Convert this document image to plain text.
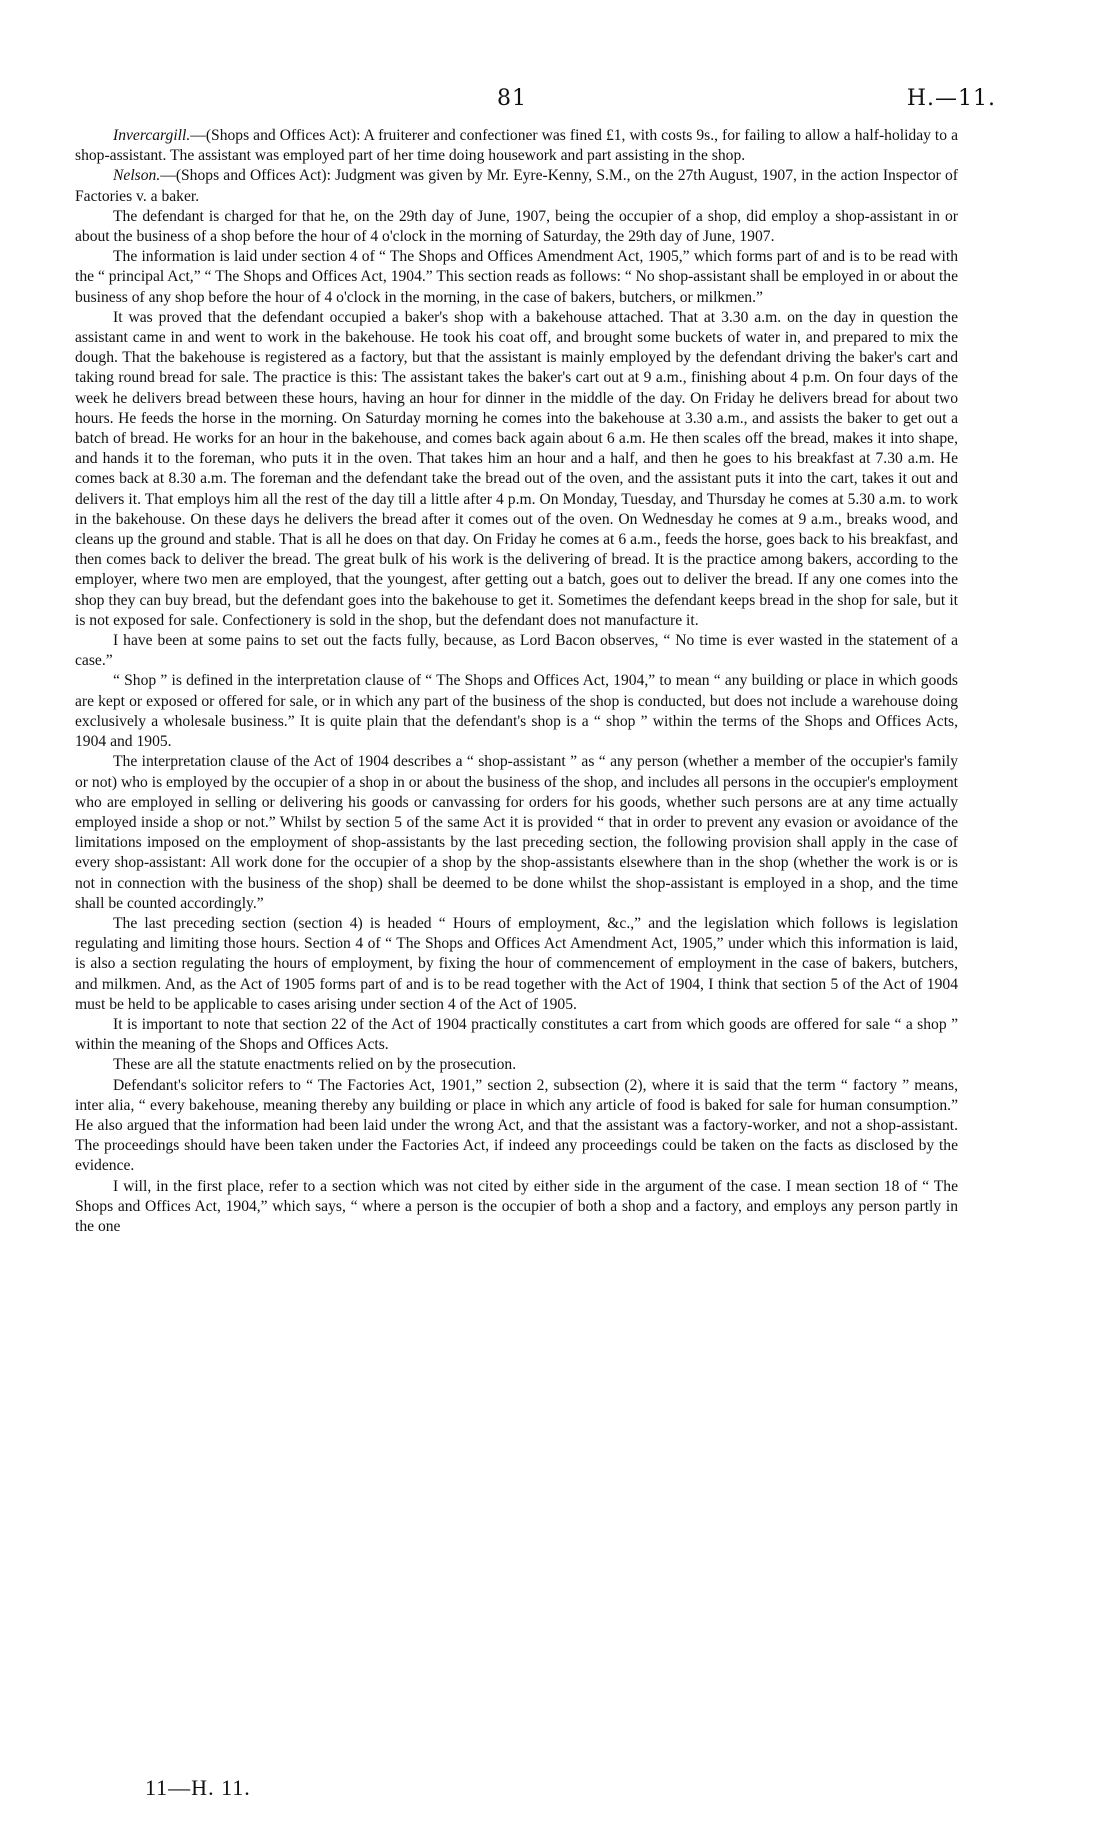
81	H.—11.

Invercargill.—(Shops and Offices Act): A fruiterer and confectioner was fined £1, with costs 9s., for failing to allow a half-holiday to a shop-assistant. The assistant was employed part of her time doing housework and part assisting in the shop.

Nelson.—(Shops and Offices Act): Judgment was given by Mr. Eyre-Kenny, S.M., on the 27th August, 1907, in the action Inspector of Factories v. a baker.

The defendant is charged for that he, on the 29th day of June, 1907, being the occupier of a shop, did employ a shop-assistant in or about the business of a shop before the hour of 4 o'clock in the morning of Saturday, the 29th day of June, 1907.

The information is laid under section 4 of “ The Shops and Offices Amendment Act, 1905,” which forms part of and is to be read with the “ principal Act,” “ The Shops and Offices Act, 1904.” This section reads as follows: “ No shop-assistant shall be employed in or about the business of any shop before the hour of 4 o'clock in the morning, in the case of bakers, butchers, or milkmen.”

It was proved that the defendant occupied a baker's shop with a bakehouse attached. That at 3.30 a.m. on the day in question the assistant came in and went to work in the bakehouse. He took his coat off, and brought some buckets of water in, and prepared to mix the dough. That the bakehouse is registered as a factory, but that the assistant is mainly employed by the defendant driving the baker's cart and taking round bread for sale. The practice is this: The assistant takes the baker's cart out at 9 a.m., finishing about 4 p.m. On four days of the week he delivers bread between these hours, having an hour for dinner in the middle of the day. On Friday he delivers bread for about two hours. He feeds the horse in the morning. On Saturday morning he comes into the bakehouse at 3.30 a.m., and assists the baker to get out a batch of bread. He works for an hour in the bakehouse, and comes back again about 6 a.m. He then scales off the bread, makes it into shape, and hands it to the foreman, who puts it in the oven. That takes him an hour and a half, and then he goes to his breakfast at 7.30 a.m. He comes back at 8.30 a.m. The foreman and the defendant take the bread out of the oven, and the assistant puts it into the cart, takes it out and delivers it. That employs him all the rest of the day till a little after 4 p.m. On Monday, Tuesday, and Thursday he comes at 5.30 a.m. to work in the bakehouse. On these days he delivers the bread after it comes out of the oven. On Wednesday he comes at 9 a.m., breaks wood, and cleans up the ground and stable. That is all he does on that day. On Friday he comes at 6 a.m., feeds the horse, goes back to his breakfast, and then comes back to deliver the bread. The great bulk of his work is the delivering of bread. It is the practice among bakers, according to the employer, where two men are employed, that the youngest, after getting out a batch, goes out to deliver the bread. If any one comes into the shop they can buy bread, but the defendant goes into the bakehouse to get it. Sometimes the defendant keeps bread in the shop for sale, but it is not exposed for sale. Confectionery is sold in the shop, but the defendant does not manufacture it.

I have been at some pains to set out the facts fully, because, as Lord Bacon observes, “ No time is ever wasted in the statement of a case.”

“ Shop ” is defined in the interpretation clause of “ The Shops and Offices Act, 1904,” to mean “ any building or place in which goods are kept or exposed or offered for sale, or in which any part of the business of the shop is conducted, but does not include a warehouse doing exclusively a wholesale business.” It is quite plain that the defendant's shop is a “ shop ” within the terms of the Shops and Offices Acts, 1904 and 1905.

The interpretation clause of the Act of 1904 describes a “ shop-assistant ” as “ any person (whether a member of the occupier's family or not) who is employed by the occupier of a shop in or about the business of the shop, and includes all persons in the occupier's employment who are employed in selling or delivering his goods or canvassing for orders for his goods, whether such persons are at any time actually employed inside a shop or not.” Whilst by section 5 of the same Act it is provided “ that in order to prevent any evasion or avoidance of the limitations imposed on the employment of shop-assistants by the last preceding section, the following provision shall apply in the case of every shop-assistant: All work done for the occupier of a shop by the shop-assistants elsewhere than in the shop (whether the work is or is not in connection with the business of the shop) shall be deemed to be done whilst the shop-assistant is employed in a shop, and the time shall be counted accordingly.”

The last preceding section (section 4) is headed “ Hours of employment, &c.,” and the legislation which follows is legislation regulating and limiting those hours. Section 4 of “ The Shops and Offices Act Amendment Act, 1905,” under which this information is laid, is also a section regulating the hours of employment, by fixing the hour of commencement of employment in the case of bakers, butchers, and milkmen. And, as the Act of 1905 forms part of and is to be read together with the Act of 1904, I think that section 5 of the Act of 1904 must be held to be applicable to cases arising under section 4 of the Act of 1905.

It is important to note that section 22 of the Act of 1904 practically constitutes a cart from which goods are offered for sale “ a shop ” within the meaning of the Shops and Offices Acts.

These are all the statute enactments relied on by the prosecution.

Defendant's solicitor refers to “ The Factories Act, 1901,” section 2, subsection (2), where it is said that the term “ factory ” means, inter alia, “ every bakehouse, meaning thereby any building or place in which any article of food is baked for sale for human consumption.” He also argued that the information had been laid under the wrong Act, and that the assistant was a factory-worker, and not a shop-assistant. The proceedings should have been taken under the Factories Act, if indeed any proceedings could be taken on the facts as disclosed by the evidence.

I will, in the first place, refer to a section which was not cited by either side in the argument of the case. I mean section 18 of “ The Shops and Offices Act, 1904,” which says, “ where a person is the occupier of both a shop and a factory, and employs any person partly in the one

11—H. 11.
